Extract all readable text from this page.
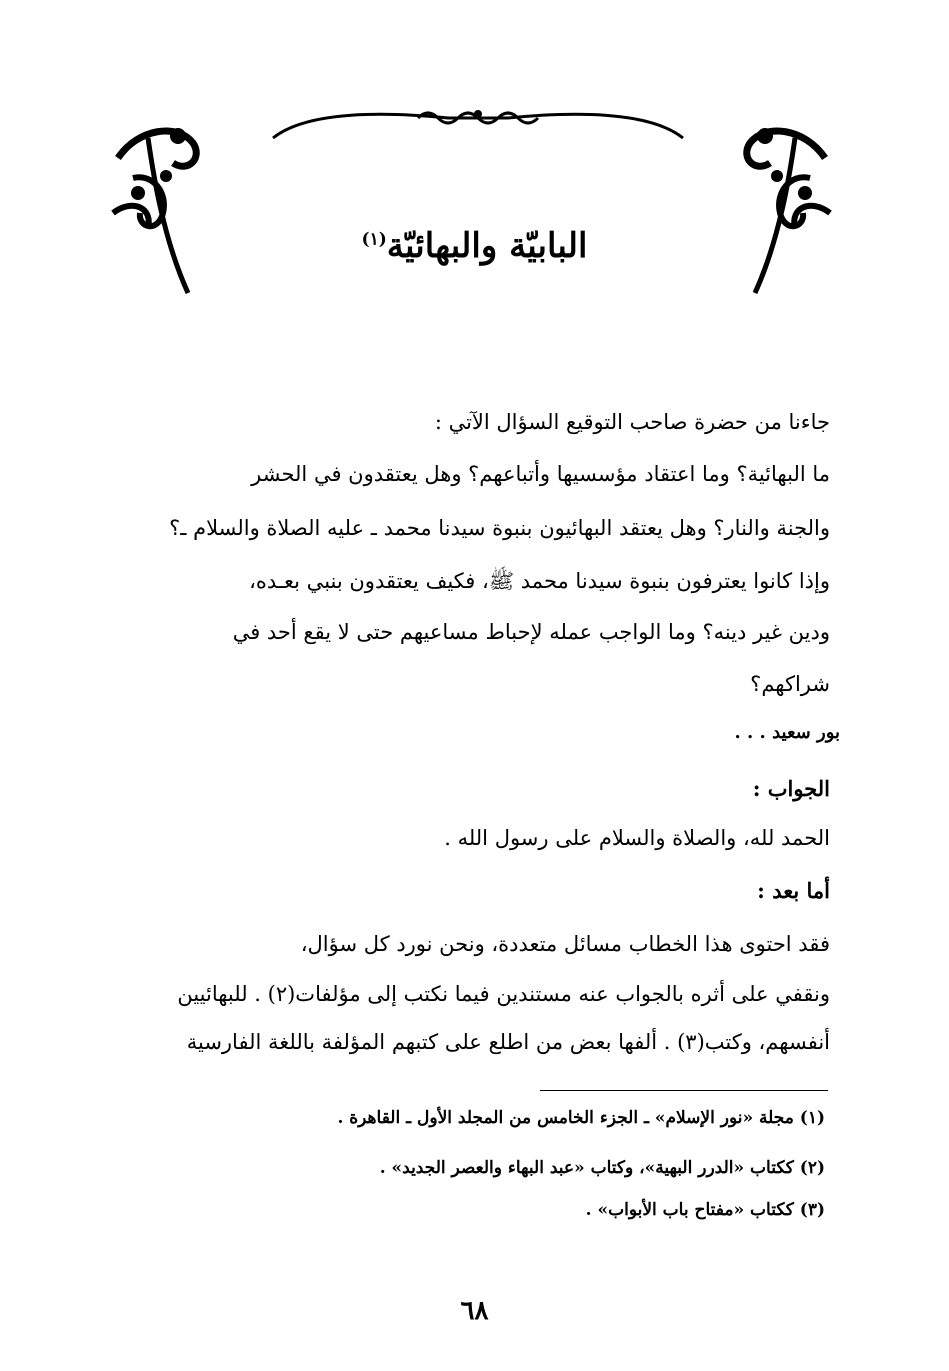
البابيّة والبهائيّة$^{(١)}$
جاءنا من حضرة صاحب التوقيع السؤال الآتي :
ما البهائية؟ وما اعتقاد مؤسسيها وأتباعهم؟ وهل يعتقدون في الحشر
والجنة والنار؟ وهل يعتقد البهائيون بنبوة سيدنا محمد ـ عليه الصلاة والسلام ـ؟
وإذا كانوا يعترفون بنبوة سيدنا محمد ﷺ، فكيف يعتقدون بنبي بعـده،
ودين غير دينه؟ وما الواجب عمله لإحباط مساعيهم حتى لا يقع أحد في
شراكهم؟
بور سعيد . . .
الجواب :
الحمد لله، والصلاة والسلام على رسول الله .
أما بعد :
فقد احتوى هذا الخطاب مسائل متعددة، ونحن نورد كل سؤال،
ونقفي على أثره بالجواب عنه مستندين فيما نكتب إلى مؤلفات(٢) . للبهائيين
أنفسهم، وكتب(٣) . ألفها بعض من اطلع على كتبهم المؤلفة باللغة الفارسية
(١) مجلة «نور الإسلام» ـ الجزء الخامس من المجلد الأول ـ القاهرة .
(٢) ككتاب «الدرر البهية»، وكتاب «عبد البهاء والعصر الجديد» .
(٣) ككتاب «مفتاح باب الأبواب» .
٦٨
